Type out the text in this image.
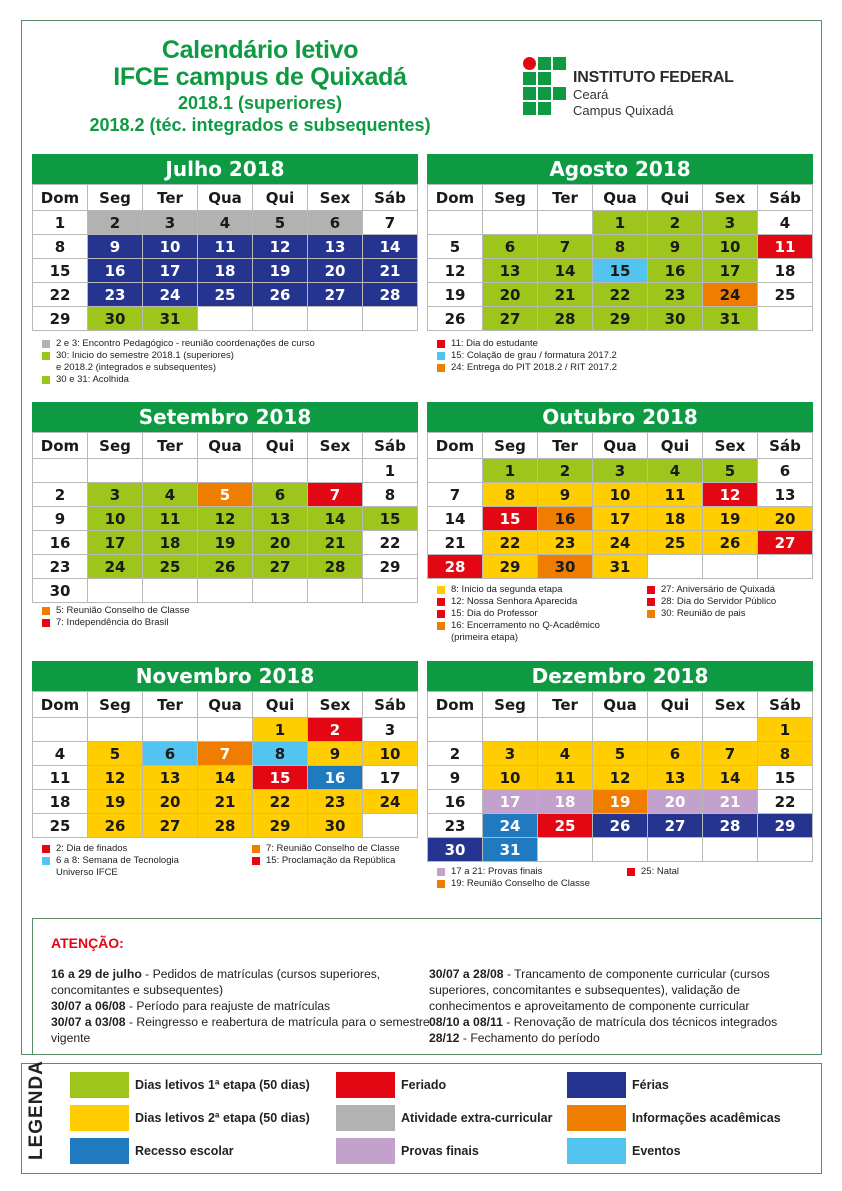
Calendário letivo
IFCE campus de Quixadá
2018.1 (superiores)
2018.2 (téc. integrados e subsequentes)
INSTITUTO FEDERAL
Ceará
Campus Quixadá
Julho 2018
Dom	Seg	Ter	Qua	Qui	Sex	Sáb
1	2	3	4	5	6	7
8	9	10	11	12	13	14
15	16	17	18	19	20	21
22	23	24	25	26	27	28
29	30	31				
Agosto 2018
Dom	Seg	Ter	Qua	Qui	Sex	Sáb
			1	2	3	4
5	6	7	8	9	10	11
12	13	14	15	16	17	18
19	20	21	22	23	24	25
26	27	28	29	30	31	
Setembro 2018
Dom	Seg	Ter	Qua	Qui	Sex	Sáb
						1
2	3	4	5	6	7	8
9	10	11	12	13	14	15
16	17	18	19	20	21	22
23	24	25	26	27	28	29
30						
Outubro 2018
Dom	Seg	Ter	Qua	Qui	Sex	Sáb
	1	2	3	4	5	6
7	8	9	10	11	12	13
14	15	16	17	18	19	20
21	22	23	24	25	26	27
28	29	30	31			
Novembro 2018
Dom	Seg	Ter	Qua	Qui	Sex	Sáb
				1	2	3
4	5	6	7	8	9	10
11	12	13	14	15	16	17
18	19	20	21	22	23	24
25	26	27	28	29	30	
Dezembro 2018
Dom	Seg	Ter	Qua	Qui	Sex	Sáb
						1
2	3	4	5	6	7	8
9	10	11	12	13	14	15
16	17	18	19	20	21	22
23	24	25	26	27	28	29
30	31					
2 e 3: Encontro Pedagógico - reunião coordenações de curso
30: Inicio do semestre 2018.1 (superiores)
e 2018.2 (integrados e subsequentes)
30 e 31: Acolhida
11: Dia do estudante
15: Colação de grau / formatura 2017.2
24: Entrega do PIT 2018.2 / RIT 2017.2
5: Reunião Conselho de Classe
7: Independência do Brasil
8: Inicio da segunda etapa
12: Nossa Senhora Aparecida
15: Dia do Professor
16: Encerramento no Q-Acadêmico
(primeira etapa)
27: Aniversário de Quixadá
28: Dia do Servidor Público
30: Reunião de pais
2: Dia de finados
6 a 8: Semana de Tecnologia
Universo IFCE
7: Reunião Conselho de Classe
15: Proclamação da República
17 a 21: Provas finais
19: Reunião Conselho de Classe
25: Natal
ATENÇÃO:
16 a 29 de julho - Pedidos de matrículas (cursos superiores, concomitantes e subsequentes)
30/07 a 06/08 - Período para reajuste de matrículas
30/07 a 03/08 - Reingresso e reabertura de matrícula para o semestre vigente
30/07 a 28/08 - Trancamento de componente curricular (cursos superiores, concomitantes e subsequentes), validação de conhecimentos e aproveitamento de componente curricular
08/10 a 08/11 - Renovação de matrícula dos técnicos integrados
28/12 - Fechamento do período
LEGENDA	Dias letivos 1ª etapa (50 dias)
Dias letivos 2ª etapa (50 dias)
Recesso escolar
Feriado
Atividade extra-curricular
Provas finais
Férias
Informações acadêmicas
Eventos
